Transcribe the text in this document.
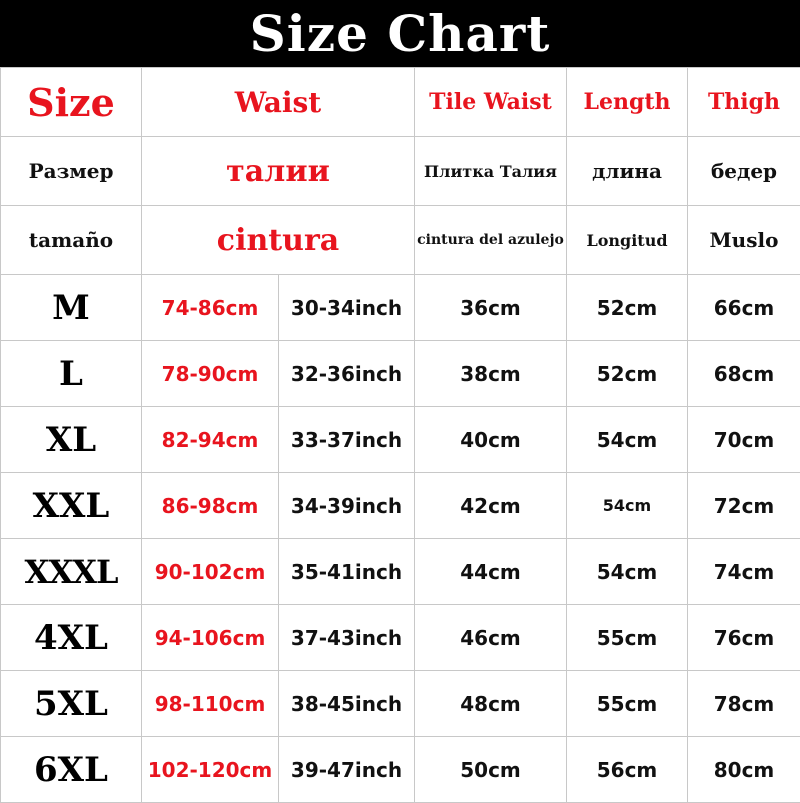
Size Chart
Size	Waist		Tile Waist	Length	Thigh
Размер	талии		Плитка Талия	длина	бедер
tamaño	cintura		cintura del azulejo	Longitud	Muslo
M	74-86cm	30-34inch	36cm	52cm	66cm
L	78-90cm	32-36inch	38cm	52cm	68cm
XL	82-94cm	33-37inch	40cm	54cm	70cm
XXL	86-98cm	34-39inch	42cm	54cm	72cm
XXXL	90-102cm	35-41inch	44cm	54cm	74cm
4XL	94-106cm	37-43inch	46cm	55cm	76cm
5XL	98-110cm	38-45inch	48cm	55cm	78cm
6XL	102-120cm	39-47inch	50cm	56cm	80cm
